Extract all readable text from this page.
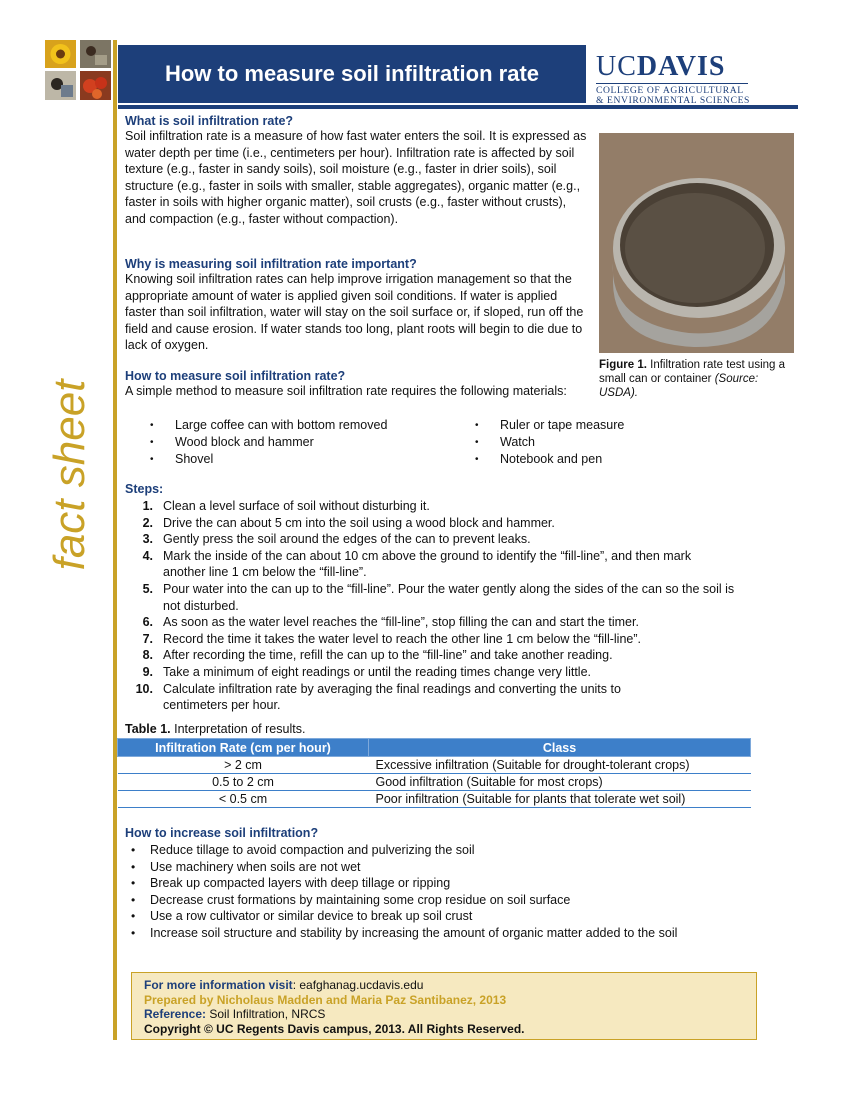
How to measure soil infiltration rate	UCDAVIS
COLLEGE OF AGRICULTURAL
& ENVIRONMENTAL SCIENCES
fact sheet
What is soil infiltration rate?

Soil infiltration rate is a measure of how fast water enters the soil. It is expressed as water depth per time (i.e., centimeters per hour). Infiltration rate is affected by soil texture (e.g., faster in sandy soils), soil moisture (e.g., faster in drier soils), soil structure (e.g., faster in soils with smaller, stable aggregates), organic matter (e.g., faster in soils with higher organic matter), soil crusts (e.g., faster without crusts), and compaction (e.g., faster without compaction).

Figure 1. Infiltration rate test using a small can or container (Source: USDA).
Why is measuring soil infiltration rate important?

Knowing soil infiltration rates can help improve irrigation management so that the appropriate amount of water is applied given soil conditions. If water is applied faster than soil infiltration, water will stay on the soil surface or, if sloped, run off the field and cause erosion. If water stands too long, plant roots will begin to die due to lack of oxygen.

How to measure soil infiltration rate?

A simple method to measure soil infiltration rate requires the following materials:

• Large coffee can with bottom removed
• Wood block and hammer
• Shovel
• Ruler or tape measure
• Watch
• Notebook and pen
Steps:
1. Clean a level surface of soil without disturbing it.
2. Drive the can about 5 cm into the soil using a wood block and hammer.
3. Gently press the soil around the edges of the can to prevent leaks.
4. Mark the inside of the can about 10 cm above the ground to identify the “fill-line”, and then mark another line 1 cm below the “fill-line”.
5. Pour water into the can up to the “fill-line”. Pour the water gently along the sides of the can so the soil is not disturbed.
6. As soon as the water level reaches the “fill-line”, stop filling the can and start the timer.
7. Record the time it takes the water level to reach the other line 1 cm below the “fill-line”.
8. After recording the time, refill the can up to the “fill-line” and take another reading.
9. Take a minimum of eight readings or until the reading times change very little.
10. Calculate infiltration rate by averaging the final readings and converting the units to centimeters per hour.
Table 1. Interpretation of results.
Infiltration Rate (cm per hour)	Class
> 2 cm	Excessive infiltration (Suitable for drought-tolerant crops)
0.5 to 2 cm	Good infiltration (Suitable for most crops)
< 0.5 cm	Poor infiltration (Suitable for plants that tolerate wet soil)
How to increase soil infiltration?
• Reduce tillage to avoid compaction and pulverizing the soil
• Use machinery when soils are not wet
• Break up compacted layers with deep tillage or ripping
• Decrease crust formations by maintaining some crop residue on soil surface
• Use a row cultivator or similar device to break up soil crust
• Increase soil structure and stability by increasing the amount of organic matter added to the soil
For more information visit: eafghanag.ucdavis.edu
Prepared by Nicholaus Madden and Maria Paz Santibanez, 2013
Reference: Soil Infiltration, NRCS
Copyright © UC Regents Davis campus, 2013. All Rights Reserved.
